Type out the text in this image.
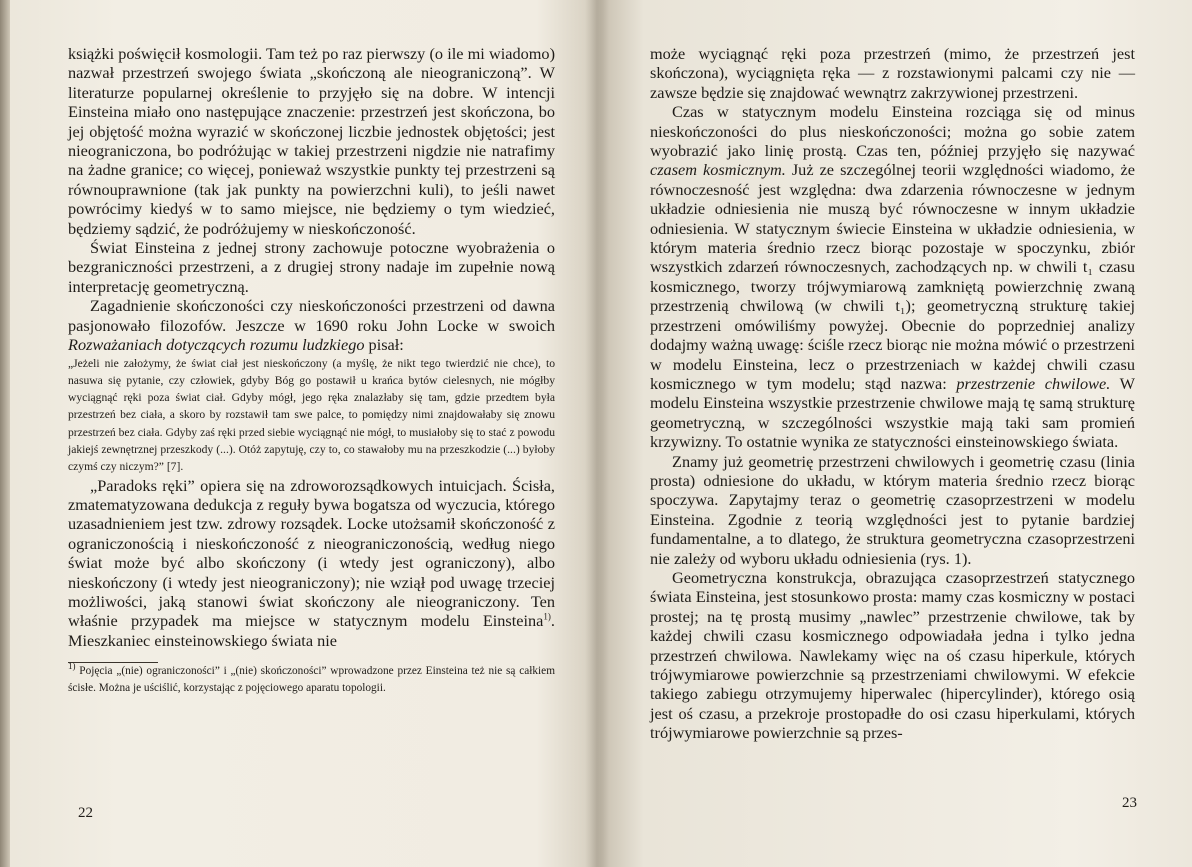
książki poświęcił kosmologii. Tam też po raz pierwszy (o ile mi wiadomo) nazwał przestrzeń swojego świata „skończoną ale nieograniczoną”. W literaturze popularnej określenie to przyjęło się na dobre. W intencji Einsteina miało ono następujące znaczenie: przestrzeń jest skończona, bo jej objętość można wyrazić w skończonej liczbie jednostek objętości; jest nieograniczona, bo podróżując w takiej przestrzeni nigdzie nie natrafimy na żadne granice; co więcej, ponieważ wszystkie punkty tej przestrzeni są równouprawnione (tak jak punkty na powierzchni kuli), to jeśli nawet powrócimy kiedyś w to samo miejsce, nie będziemy o tym wiedzieć, będziemy sądzić, że podróżujemy w nieskończoność.

Świat Einsteina z jednej strony zachowuje potoczne wyobrażenia o bezgraniczności przestrzeni, a z drugiej strony nadaje im zupełnie nową interpretację geometryczną.

Zagadnienie skończoności czy nieskończoności przestrzeni od dawna pasjonowało filozofów. Jeszcze w 1690 roku John Locke w swoich Rozważaniach dotyczących rozumu ludzkiego pisał:

„Jeżeli nie założymy, że świat ciał jest nieskończony (a myślę, że nikt tego twierdzić nie chce), to nasuwa się pytanie, czy człowiek, gdyby Bóg go postawił u krańca bytów cielesnych, nie mógłby wyciągnąć ręki poza świat ciał. Gdyby mógł, jego ręka znalazłaby się tam, gdzie przedtem była przestrzeń bez ciała, a skoro by rozstawił tam swe palce, to pomiędzy nimi znajdowałaby się znowu przestrzeń bez ciała. Gdyby zaś ręki przed siebie wyciągnąć nie mógł, to musiałoby się to stać z powodu jakiejś zewnętrznej przeszkody (...). Otóż zapytuję, czy to, co stawałoby mu na przeszkodzie (...) byłoby czymś czy niczym?” [7].

„Paradoks ręki” opiera się na zdroworozsądkowych intuicjach. Ścisła, zmatematyzowana dedukcja z reguły bywa bogatsza od wyczucia, którego uzasadnieniem jest tzw. zdrowy rozsądek. Locke utożsamił skończoność z ograniczonością i nieskończoność z nieograniczonością, według niego świat może być albo skończony (i wtedy jest ograniczony), albo nieskończony (i wtedy jest nieograniczony); nie wziął pod uwagę trzeciej możliwości, jaką stanowi świat skończony ale nieograniczony. Ten właśnie przypadek ma miejsce w statycznym modelu Einsteina$^{1)}$. Mieszkaniec einsteinowskiego świata nie

$^{1)}$ Pojęcia „(nie) ograniczoności” i „(nie) skończoności” wprowadzone przez Einsteina też nie są całkiem ścisłe. Można je uściślić, korzystając z pojęciowego aparatu topologii.

22

może wyciągnąć ręki poza przestrzeń (mimo, że przestrzeń jest skończona), wyciągnięta ręka — z rozstawionymi palcami czy nie — zawsze będzie się znajdować wewnątrz zakrzywionej przestrzeni.

Czas w statycznym modelu Einsteina rozciąga się od minus nieskończoności do plus nieskończoności; można go sobie zatem wyobrazić jako linię prostą. Czas ten, później przyjęło się nazywać czasem kosmicznym. Już ze szczególnej teorii względności wiadomo, że równoczesność jest względna: dwa zdarzenia równoczesne w jednym układzie odniesienia nie muszą być równoczesne w innym układzie odniesienia. W statycznym świecie Einsteina w układzie odniesienia, w którym materia średnio rzecz biorąc pozostaje w spoczynku, zbiór wszystkich zdarzeń równoczesnych, zachodzących np. w chwili t₁ czasu kosmicznego, tworzy trójwymiarową zamkniętą powierzchnię zwaną przestrzenią chwilową (w chwili t₁); geometryczną strukturę takiej przestrzeni omówiliśmy powyżej. Obecnie do poprzedniej analizy dodajmy ważną uwagę: ściśle rzecz biorąc nie można mówić o przestrzeni w modelu Einsteina, lecz o przestrzeniach w każdej chwili czasu kosmicznego w tym modelu; stąd nazwa: przestrzenie chwilowe. W modelu Einsteina wszystkie przestrzenie chwilowe mają tę samą strukturę geometryczną, w szczególności wszystkie mają taki sam promień krzywizny. To ostatnie wynika ze statyczności einsteinowskiego świata.

Znamy już geometrię przestrzeni chwilowych i geometrię czasu (linia prosta) odniesione do układu, w którym materia średnio rzecz biorąc spoczywa. Zapytajmy teraz o geometrię czasoprzestrzeni w modelu Einsteina. Zgodnie z teorią względności jest to pytanie bardziej fundamentalne, a to dlatego, że struktura geometryczna czasoprzestrzeni nie zależy od wyboru układu odniesienia (rys. 1).

Geometryczna konstrukcja, obrazująca czasoprzestrzeń statycznego świata Einsteina, jest stosunkowo prosta: mamy czas kosmiczny w postaci prostej; na tę prostą musimy „nawlec” przestrzenie chwilowe, tak by każdej chwili czasu kosmicznego odpowiadała jedna i tylko jedna przestrzeń chwilowa. Nawlekamy więc na oś czasu hiperkule, których trójwymiarowe powierzchnie są przestrzeniami chwilowymi. W efekcie takiego zabiegu otrzymujemy hiperwalec (hipercylinder), którego osią jest oś czasu, a przekroje prostopadłe do osi czasu hiperkulami, których trójwymiarowe powierzchnie są przes-

23
